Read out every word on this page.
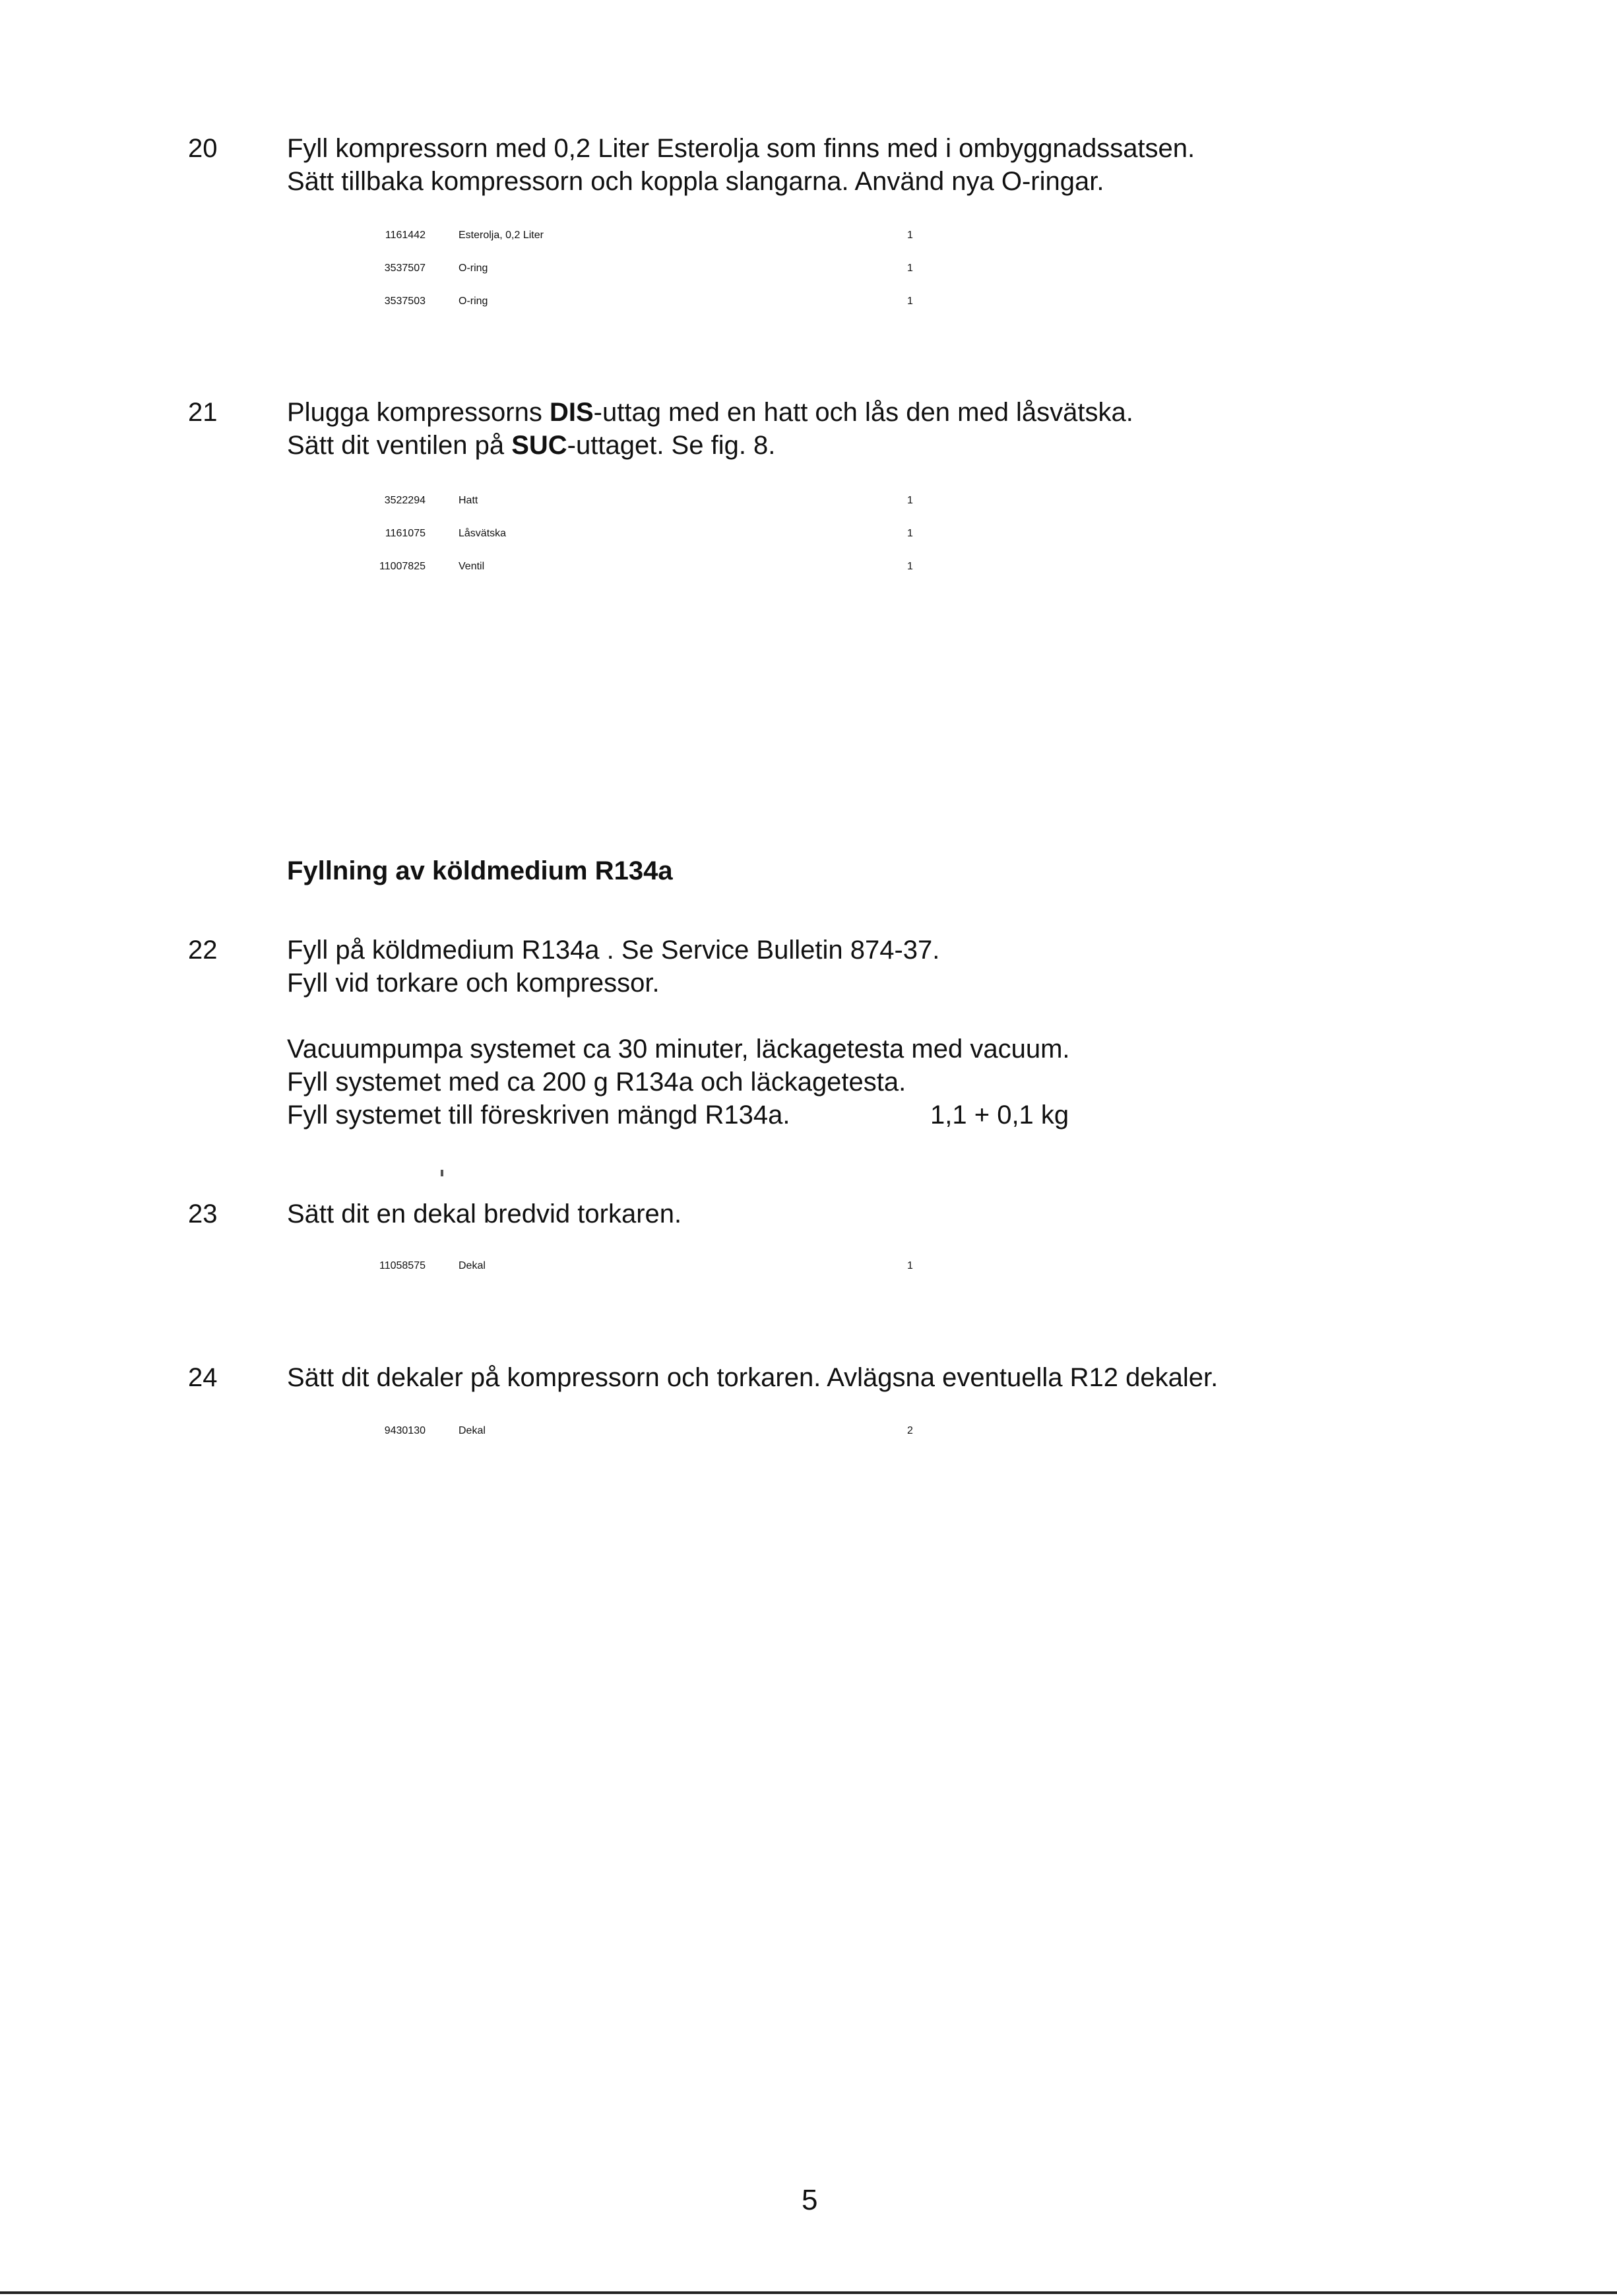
20	Fyll kompressorn med 0,2 Liter Esterolja som finns med i ombyggnadssatsen.
Sätt tillbaka kompressorn och koppla slangarna. Använd nya O-ringar.
1161442	Esterolja, 0,2 Liter	1
3537507	O-ring	1
3537503	O-ring	1
21	Plugga kompressorns DIS-uttag med en hatt och lås den med låsvätska.
Sätt dit ventilen på SUC-uttaget. Se fig. 8.
3522294	Hatt	1
1161075	Låsvätska	1
11007825	Ventil	1
Fyllning av köldmedium R134a
22	Fyll på köldmedium R134a . Se Service Bulletin 874-37.
Fyll vid torkare och kompressor.
Vacuumpumpa systemet ca 30 minuter, läckagetesta med vacuum.
Fyll systemet med ca 200 g R134a och läckagetesta.
Fyll systemet till föreskriven mängd R134a.	1,1 + 0,1 kg
23	Sätt dit en dekal bredvid torkaren.
11058575	Dekal	1
24	Sätt dit dekaler på kompressorn och torkaren. Avlägsna eventuella R12 dekaler.
9430130	Dekal	2
5
